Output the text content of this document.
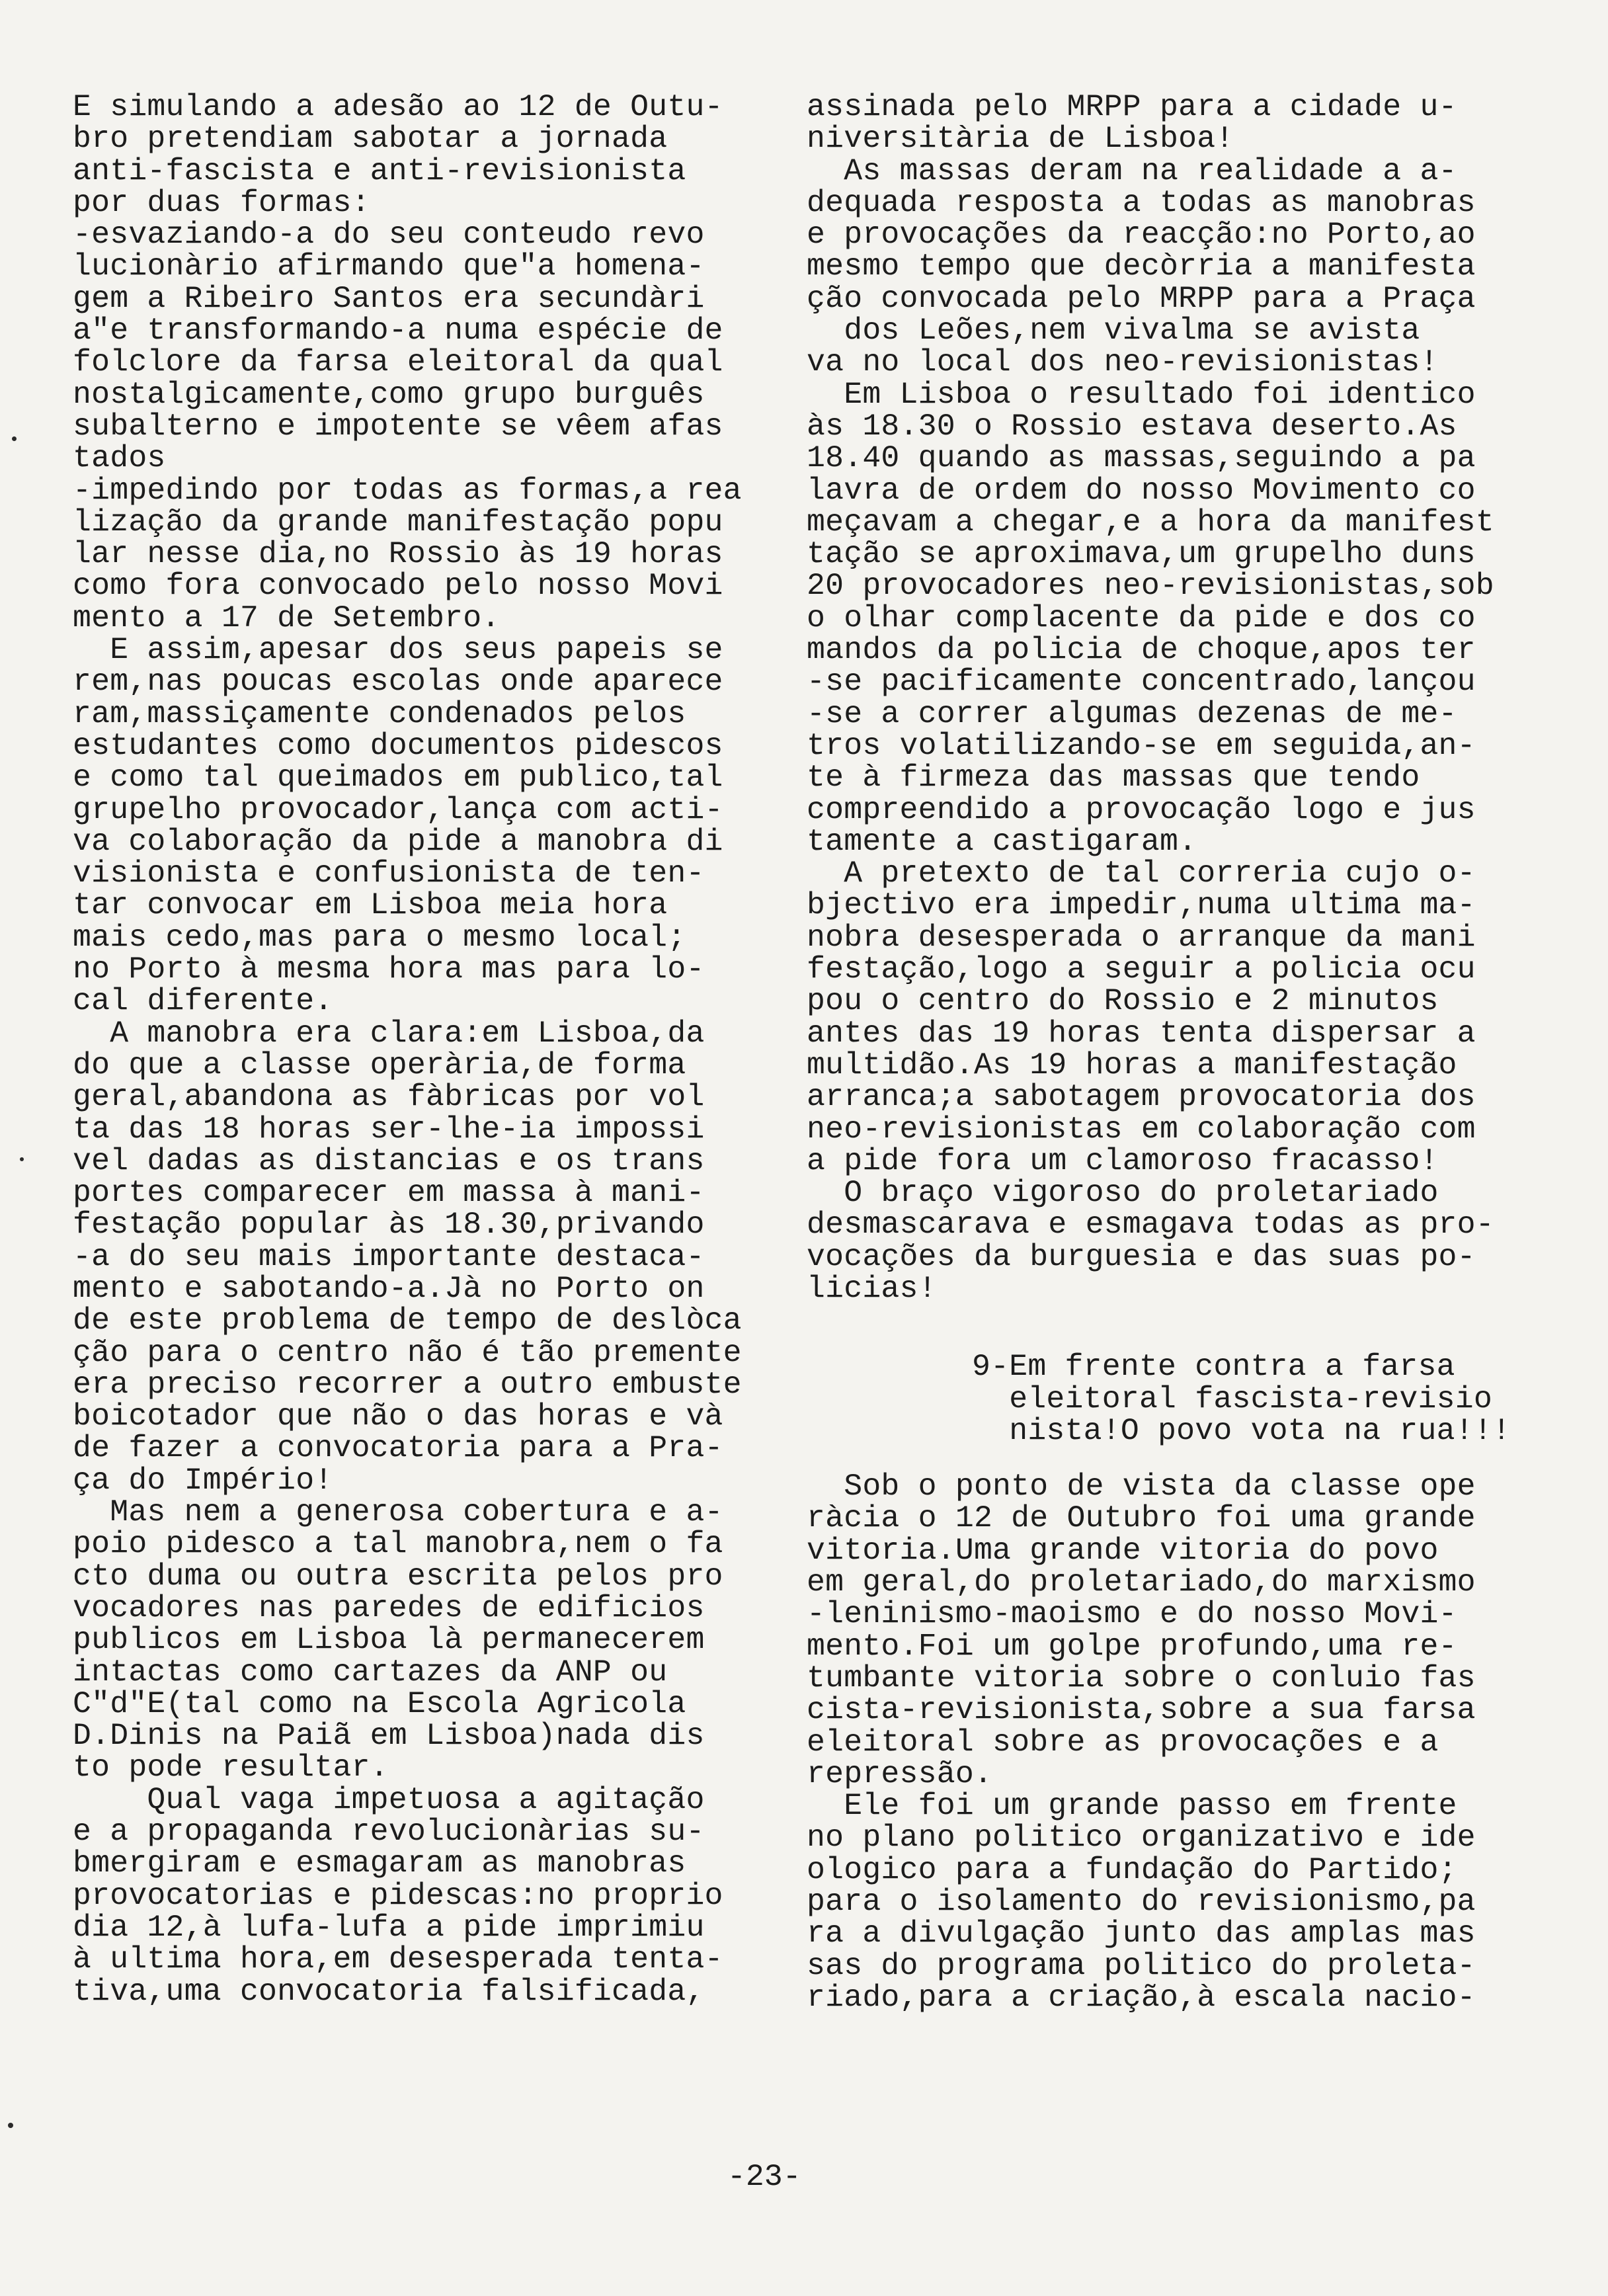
E simulando a adesão ao 12 de Outu-
bro pretendiam sabotar a jornada
anti-fascista e anti-revisionista
por duas formas:
-esvaziando-a do seu conteudo revo
lucionàrio afirmando que"a homena-
gem a Ribeiro Santos era secundàri
a"e transformando-a numa espécie de
folclore da farsa eleitoral da qual
nostalgicamente,como grupo burguês
subalterno e impotente se vêem afas
tados
-impedindo por todas as formas,a rea
lização da grande manifestação popu
lar nesse dia,no Rossio às 19 horas
como fora convocado pelo nosso Movi
mento a 17 de Setembro.
E assim,apesar dos seus papeis se
rem,nas poucas escolas onde aparece
ram,massiçamente condenados pelos
estudantes como documentos pidescos
e como tal queimados em publico,tal
grupelho provocador,lança com acti-
va colaboração da pide a manobra di
visionista e confusionista de ten-
tar convocar em Lisboa meia hora
mais cedo,mas para o mesmo local;
no Porto à mesma hora mas para lo-
cal diferente.
A manobra era clara:em Lisboa,da
do que a classe operària,de forma
geral,abandona as fàbricas por vol
ta das 18 horas ser-lhe-ia impossi
vel dadas as distancias e os trans
portes comparecer em massa à mani-
festação popular às 18.30,privando
-a do seu mais importante destaca-
mento e sabotando-a.Jà no Porto on
de este problema de tempo de deslòca
ção para o centro não é tão premente
era preciso recorrer a outro embuste
boicotador que não o das horas e và
de fazer a convocatoria para a Pra-
ça do Império!
Mas nem a generosa cobertura e a-
poio pidesco a tal manobra,nem o fa
cto duma ou outra escrita pelos pro
vocadores nas paredes de edificios
publicos em Lisboa là permanecerem
intactas como cartazes da ANP ou
C"d"E(tal como na Escola Agricola
D.Dinis na Paiã em Lisboa)nada dis
to pode resultar.
Qual vaga impetuosa a agitação
e a propaganda revolucionàrias su-
bmergiram e esmagaram as manobras
provocatorias e pidescas:no proprio
dia 12,à lufa-lufa a pide imprimiu
à ultima hora,em desesperada tenta-
tiva,uma convocatoria falsificada,
assinada pelo MRPP para a cidade u-
niversitària de Lisboa!
As massas deram na realidade a a-
dequada resposta a todas as manobras
e provocações da reacção:no Porto,ao
mesmo tempo que decòrria a manifesta
ção convocada pelo MRPP para a Praça
dos Leões,nem vivalma se avista
va no local dos neo-revisionistas!
Em Lisboa o resultado foi identico
às 18.30 o Rossio estava deserto.As
18.40 quando as massas,seguindo a pa
lavra de ordem do nosso Movimento co
meçavam a chegar,e a hora da manifest
tação se aproximava,um grupelho duns
20 provocadores neo-revisionistas,sob
o olhar complacente da pide e dos co
mandos da policia de choque,apos ter
-se pacificamente concentrado,lançou
-se a correr algumas dezenas de me-
tros volatilizando-se em seguida,an-
te à firmeza das massas que tendo
compreendido a provocação logo e jus
tamente a castigaram.
A pretexto de tal correria cujo o-
bjectivo era impedir,numa ultima ma-
nobra desesperada o arranque da mani
festação,logo a seguir a policia ocu
pou o centro do Rossio e 2 minutos
antes das 19 horas tenta dispersar a
multidão.As 19 horas a manifestação
arranca;a sabotagem provocatoria dos
neo-revisionistas em colaboração com
a pide fora um clamoroso fracasso!
O braço vigoroso do proletariado
desmascarava e esmagava todas as pro-
vocações da burguesia e das suas po-
licias!
9-Em frente contra a farsa
eleitoral fascista-revisio
nista!O povo vota na rua!!!
Sob o ponto de vista da classe ope
ràcia o 12 de Outubro foi uma grande
vitoria.Uma grande vitoria do povo
em geral,do proletariado,do marxismo
-leninismo-maoismo e do nosso Movi-
mento.Foi um golpe profundo,uma re-
tumbante vitoria sobre o conluio fas
cista-revisionista,sobre a sua farsa
eleitoral sobre as provocações e a
repressão.
Ele foi um grande passo em frente
no plano politico organizativo e ide
ologico para a fundação do Partido;
para o isolamento do revisionismo,pa
ra a divulgação junto das amplas mas
sas do programa politico do proleta-
riado,para a criação,à escala nacio-
-23-
